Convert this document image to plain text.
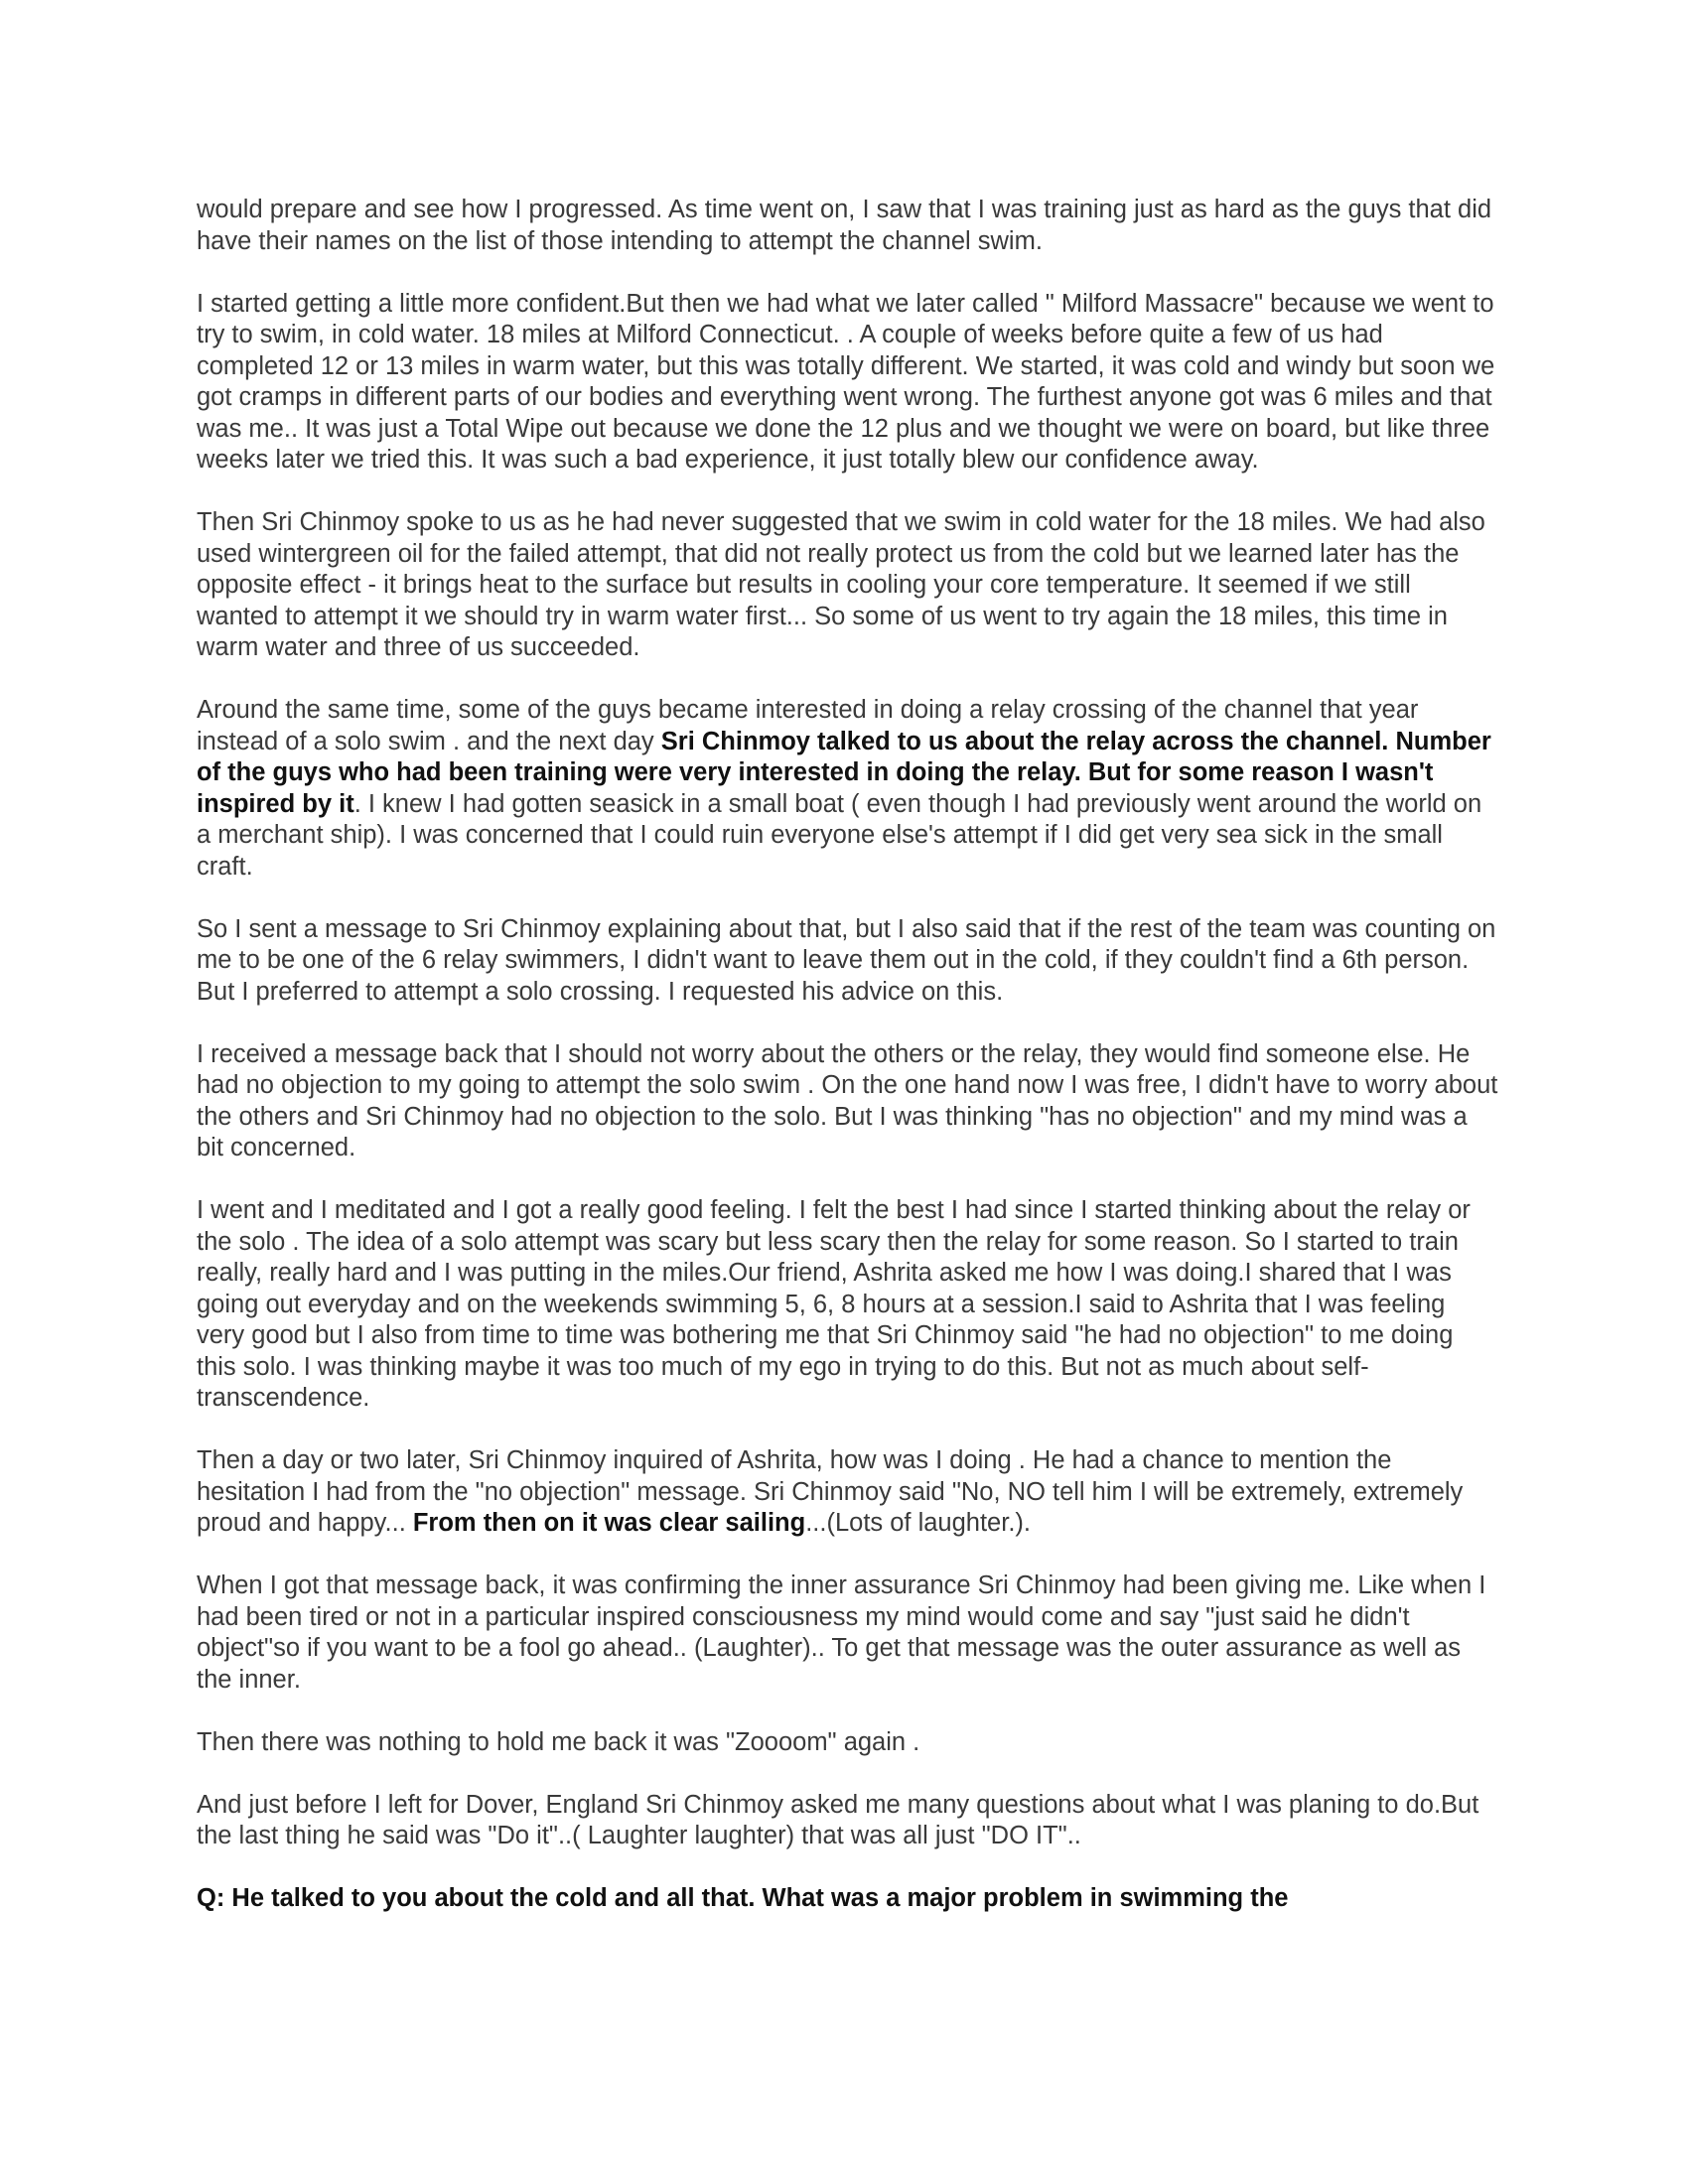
would prepare and see how I progressed. As time went on, I saw that I was training just as hard as the guys that did have their names on the list of those intending to attempt the channel swim.

I started getting a little more confident.But then we had what we later called " Milford Massacre" because we went to try to swim, in cold water. 18 miles at Milford Connecticut. . A couple of weeks before quite a few of us had completed 12 or 13 miles in warm water, but this was totally different. We started, it was cold and windy but soon we got cramps in different parts of our bodies and everything went wrong. The furthest anyone got was 6 miles and that was me.. It was just a Total Wipe out because we done the 12 plus and we thought we were on board, but like three weeks later we tried this. It was such a bad experience, it just totally blew our confidence away.

Then Sri Chinmoy spoke to us as he had never suggested that we swim in cold water for the 18 miles. We had also used wintergreen oil for the failed attempt, that did not really protect us from the cold but we learned later has the opposite effect - it brings heat to the surface but results in cooling your core temperature. It seemed if we still wanted to attempt it we should try in warm water first... So some of us went to try again the 18 miles, this time in warm water and three of us succeeded.

Around the same time, some of the guys became interested in doing a relay crossing of the channel that year instead of a solo swim . and the next day Sri Chinmoy talked to us about the relay across the channel. Number of the guys who had been training were very interested in doing the relay. But for some reason I wasn't inspired by it. I knew I had gotten seasick in a small boat ( even though I had previously went around the world on a merchant ship). I was concerned that I could ruin everyone else's attempt if I did get very sea sick in the small craft.

So I sent a message to Sri Chinmoy explaining about that, but I also said that if the rest of the team was counting on me to be one of the 6 relay swimmers, I didn't want to leave them out in the cold, if they couldn't find a 6th person. But I preferred to attempt a solo crossing. I requested his advice on this.

I received a message back that I should not worry about the others or the relay, they would find someone else. He had no objection to my going to attempt the solo swim . On the one hand now I was free, I didn't have to worry about the others and Sri Chinmoy had no objection to the solo. But I was thinking "has no objection" and my mind was a bit concerned.

I went and I meditated and I got a really good feeling. I felt the best I had since I started thinking about the relay or the solo . The idea of a solo attempt was scary but less scary then the relay for some reason. So I started to train really, really hard and I was putting in the miles.Our friend, Ashrita asked me how I was doing.I shared that I was going out everyday and on the weekends swimming 5, 6, 8 hours at a session.I said to Ashrita that I was feeling very good but I also from time to time was bothering me that Sri Chinmoy said "he had no objection" to me doing this solo. I was thinking maybe it was too much of my ego in trying to do this. But not as much about self- transcendence.

Then a day or two later, Sri Chinmoy inquired of Ashrita, how was I doing . He had a chance to mention the hesitation I had from the "no objection" message. Sri Chinmoy said "No, NO tell him I will be extremely, extremely proud and happy... From then on it was clear sailing...(Lots of laughter.).

When I got that message back, it was confirming the inner assurance Sri Chinmoy had been giving me. Like when I had been tired or not in a particular inspired consciousness my mind would come and say "just said he didn't object"so if you want to be a fool go ahead.. (Laughter).. To get that message was the outer assurance as well as the inner.

Then there was nothing to hold me back it was "Zoooom" again .

And just before I left for Dover, England Sri Chinmoy asked me many questions about what I was planing to do.But the last thing he said was "Do it"..( Laughter laughter) that was all just "DO IT"..

Q: He talked to you about the cold and all that. What was a major problem in swimming the
